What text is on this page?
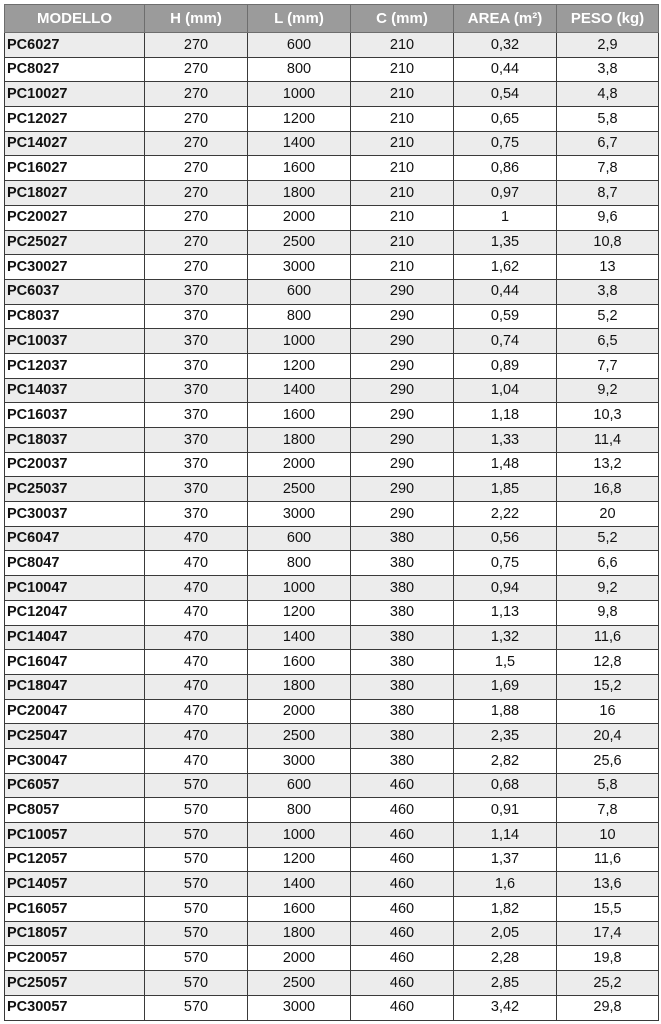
MODELLO	H (mm)	L (mm)	C (mm)	AREA (m²)	PESO (kg)
PC6027	270	600	210	0,32	2,9
PC8027	270	800	210	0,44	3,8
PC10027	270	1000	210	0,54	4,8
PC12027	270	1200	210	0,65	5,8
PC14027	270	1400	210	0,75	6,7
PC16027	270	1600	210	0,86	7,8
PC18027	270	1800	210	0,97	8,7
PC20027	270	2000	210	1	9,6
PC25027	270	2500	210	1,35	10,8
PC30027	270	3000	210	1,62	13
PC6037	370	600	290	0,44	3,8
PC8037	370	800	290	0,59	5,2
PC10037	370	1000	290	0,74	6,5
PC12037	370	1200	290	0,89	7,7
PC14037	370	1400	290	1,04	9,2
PC16037	370	1600	290	1,18	10,3
PC18037	370	1800	290	1,33	11,4
PC20037	370	2000	290	1,48	13,2
PC25037	370	2500	290	1,85	16,8
PC30037	370	3000	290	2,22	20
PC6047	470	600	380	0,56	5,2
PC8047	470	800	380	0,75	6,6
PC10047	470	1000	380	0,94	9,2
PC12047	470	1200	380	1,13	9,8
PC14047	470	1400	380	1,32	11,6
PC16047	470	1600	380	1,5	12,8
PC18047	470	1800	380	1,69	15,2
PC20047	470	2000	380	1,88	16
PC25047	470	2500	380	2,35	20,4
PC30047	470	3000	380	2,82	25,6
PC6057	570	600	460	0,68	5,8
PC8057	570	800	460	0,91	7,8
PC10057	570	1000	460	1,14	10
PC12057	570	1200	460	1,37	11,6
PC14057	570	1400	460	1,6	13,6
PC16057	570	1600	460	1,82	15,5
PC18057	570	1800	460	2,05	17,4
PC20057	570	2000	460	2,28	19,8
PC25057	570	2500	460	2,85	25,2
PC30057	570	3000	460	3,42	29,8
